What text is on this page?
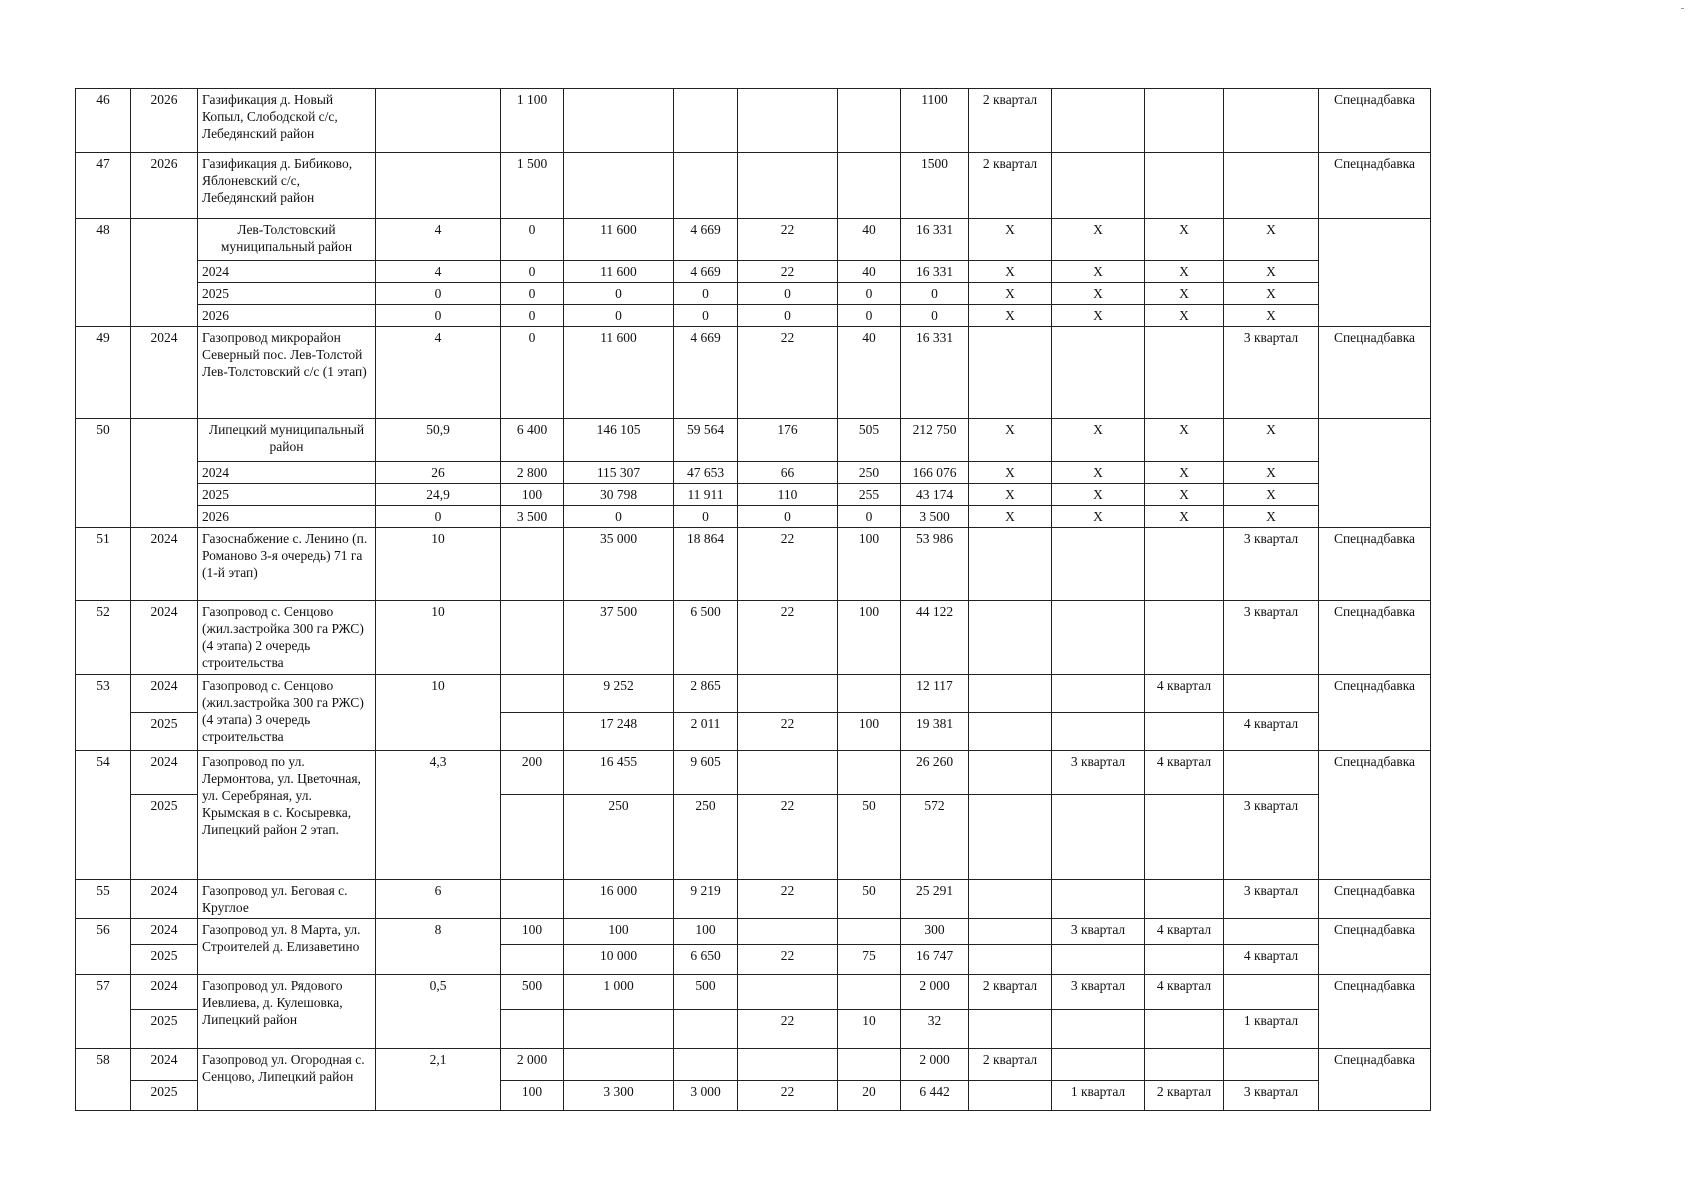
46	2026	Газификация д. Новый Копыл, Слободской с/с, Лебедянский район		1 100					1100	2 квартал				Спецнадбавка
47	2026	Газификация д. Бибиково, Яблоневский с/с, Лебедянский район		1 500					1500	2 квартал				Спецнадбавка
48		Лев-Толстовский муниципальный район	4	0	11 600	4 669	22	40	16 331	X	X	X	X	
		2024	4	0	11 600	4 669	22	40	16 331	X	X	X	X	
		2025	0	0	0	0	0	0	0	X	X	X	X	
		2026	0	0	0	0	0	0	0	X	X	X	X	
49	2024	Газопровод микрорайон Северный пос. Лев-Толстой Лев-Толстовский с/с (1 этап)	4	0	11 600	4 669	22	40	16 331				3 квартал	Спецнадбавка
50		Липецкий муниципальный район	50,9	6 400	146 105	59 564	176	505	212 750	X	X	X	X	
		2024	26	2 800	115 307	47 653	66	250	166 076	X	X	X	X	
		2025	24,9	100	30 798	11 911	110	255	43 174	X	X	X	X	
		2026	0	3 500	0	0	0	0	3 500	X	X	X	X	
51	2024	Газоснабжение с. Ленино (п. Романово 3-я очередь) 71 га (1-й этап)	10		35 000	18 864	22	100	53 986				3 квартал	Спецнадбавка
52	2024	Газопровод с. Сенцово (жил.застройка 300 га РЖС) (4 этапа) 2 очередь строительства	10		37 500	6 500	22	100	44 122				3 квартал	Спецнадбавка
53	2024	Газопровод с. Сенцово (жил.застройка 300 га РЖС) (4 этапа) 3 очередь строительства	10		9 252	2 865			12 117			4 квартал		Спецнадбавка
	2025				17 248	2 011	22	100	19 381				4 квартал	
54	2024	Газопровод по ул. Лермонтова, ул. Цветочная, ул. Серебряная, ул. Крымская в с. Косыревка, Липецкий район 2 этап.	4,3	200	16 455	9 605			26 260		3 квартал	4 квартал		Спецнадбавка
	2025				250	250	22	50	572				3 квартал	
55	2024	Газопровод ул. Беговая с. Круглое	6		16 000	9 219	22	50	25 291				3 квартал	Спецнадбавка
56	2024	Газопровод ул. 8 Марта, ул. Строителей д. Елизаветино	8	100	100	100			300		3 квартал	4 квартал		Спецнадбавка
	2025				10 000	6 650	22	75	16 747				4 квартал	
57	2024	Газопровод ул. Рядового Иевлиева, д. Кулешовка, Липецкий район	0,5	500	1 000	500			2 000	2 квартал	3 квартал	4 квартал		Спецнадбавка
	2025						22	10	32				1 квартал	
58	2024	Газопровод ул. Огородная с. Сенцово, Липецкий район	2,1	2 000					2 000	2 квартал				Спецнадбавка
	2025			100	3 300	3 000	22	20	6 442		1 квартал	2 квартал	3 квартал	
